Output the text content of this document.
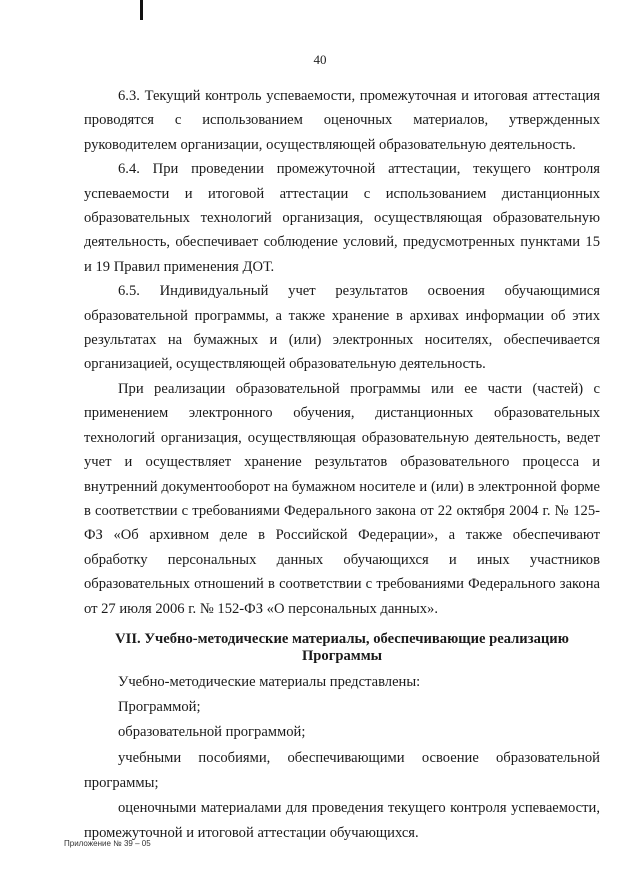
40

6.3. Текущий контроль успеваемости, промежуточная и итоговая аттестация проводятся с использованием оценочных материалов, утвержденных руководителем организации, осуществляющей образовательную деятельность.

6.4. При проведении промежуточной аттестации, текущего контроля успеваемости и итоговой аттестации с использованием дистанционных образовательных технологий организация, осуществляющая образовательную деятельность, обеспечивает соблюдение условий, предусмотренных пунктами 15 и 19 Правил применения ДОТ.

6.5. Индивидуальный учет результатов освоения обучающимися образовательной программы, а также хранение в архивах информации об этих результатах на бумажных и (или) электронных носителях, обеспечивается организацией, осуществляющей образовательную деятельность.

При реализации образовательной программы или ее части (частей) с применением электронного обучения, дистанционных образовательных технологий организация, осуществляющая образовательную деятельность, ведет учет и осуществляет хранение результатов образовательного процесса и внутренний документооборот на бумажном носителе и (или) в электронной форме в соответствии с требованиями Федерального закона от 22 октября 2004 г. № 125-ФЗ «Об архивном деле в Российской Федерации», а также обеспечивают обработку персональных данных обучающихся и иных участников образовательных отношений в соответствии с требованиями Федерального закона от 27 июля 2006 г. № 152-ФЗ «О персональных данных».

VII. Учебно-методические материалы, обеспечивающие реализацию
Программы

Учебно-методические материалы представлены:

Программой;

образовательной программой;

учебными пособиями, обеспечивающими освоение образовательной программы;

оценочными материалами для проведения текущего контроля успеваемости, промежуточной и итоговой аттестации обучающихся.

Приложение № 39 – 05
